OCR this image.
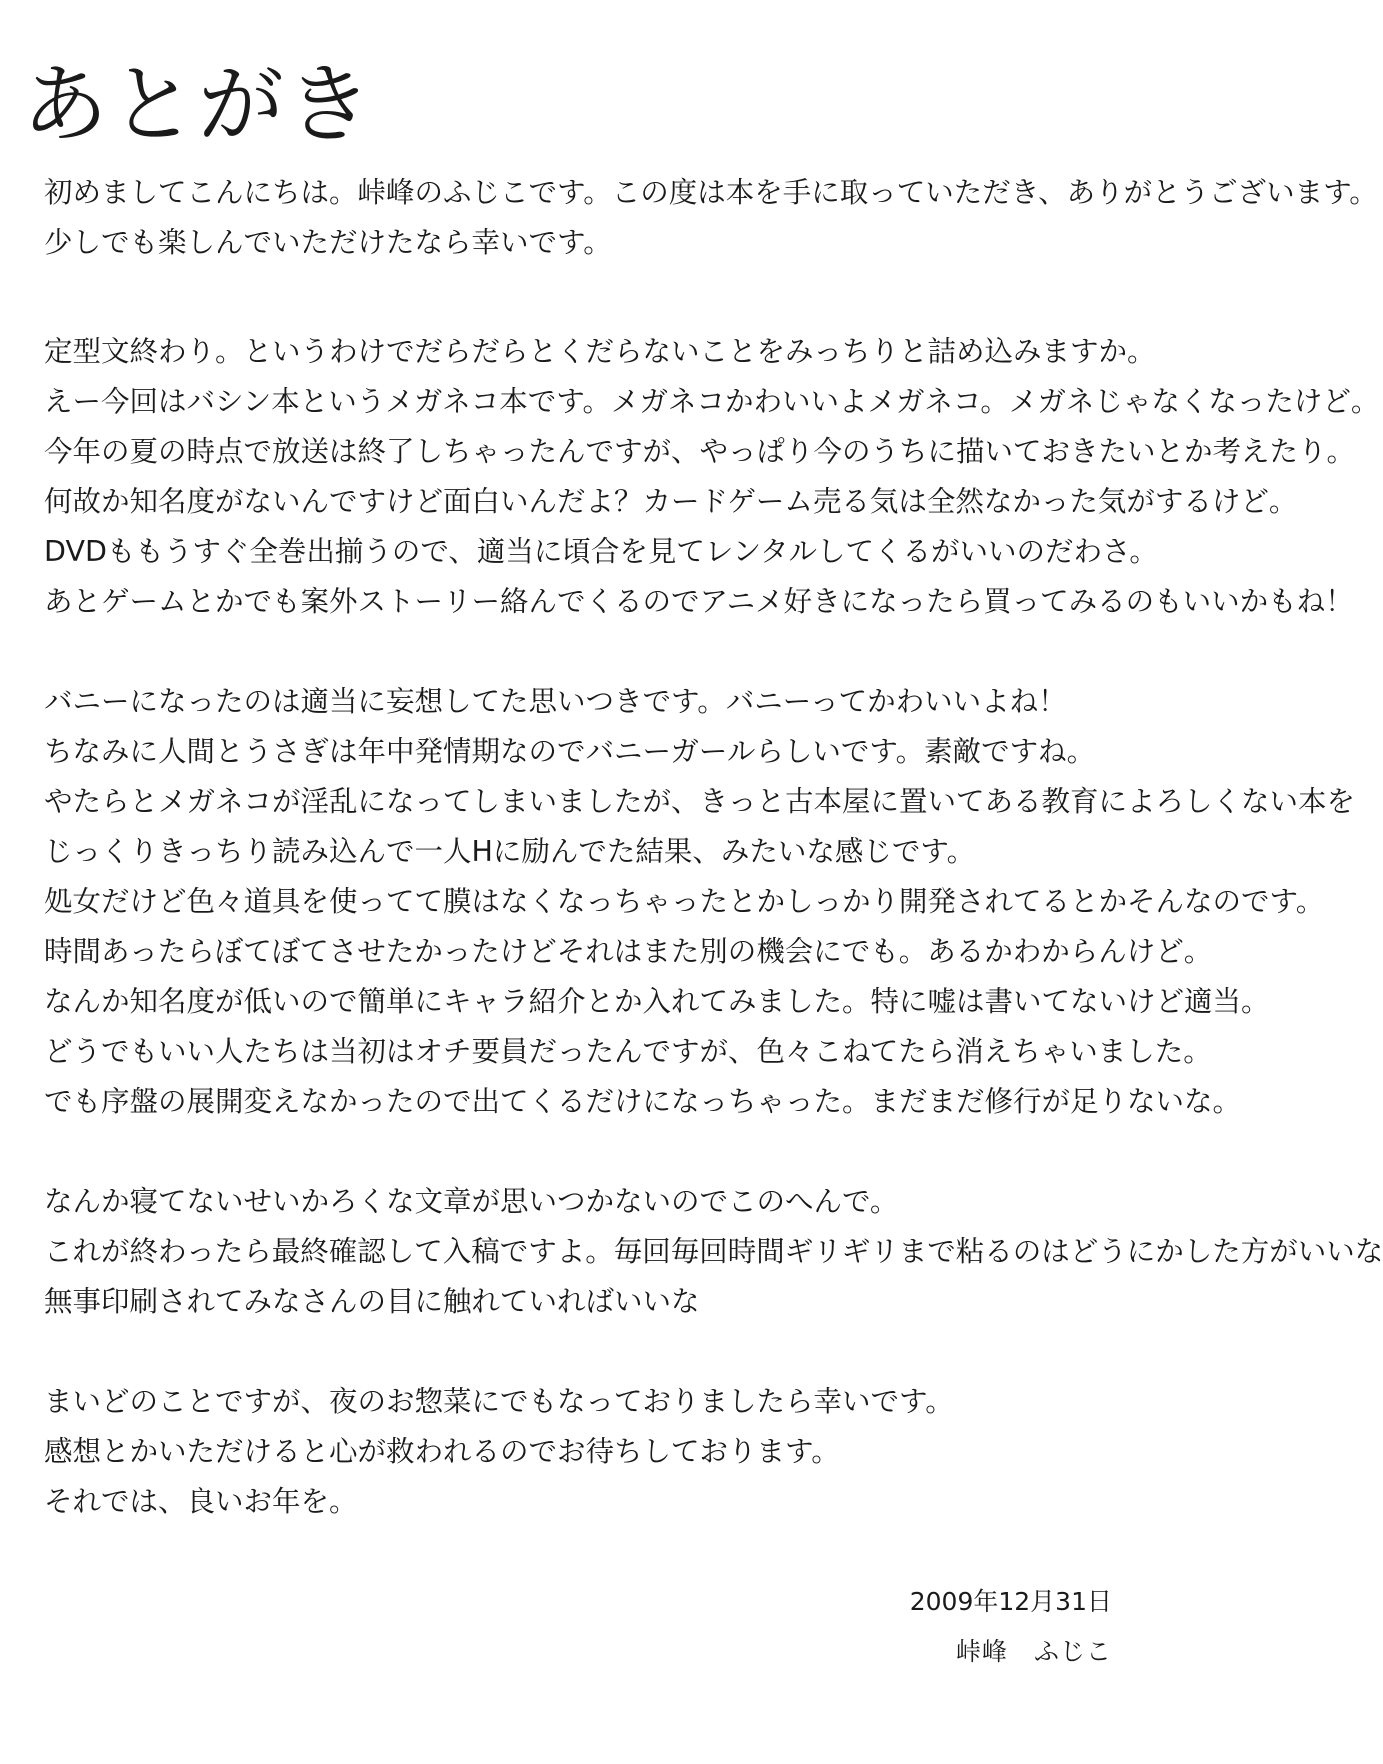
あとがき
初めましてこんにちは。峠峰のふじこです。この度は本を手に取っていただき、ありがとうございます。
少しでも楽しんでいただけたなら幸いです。
定型文終わり。というわけでだらだらとくだらないことをみっちりと詰め込みますか。
えー今回はバシン本というメガネコ本です。メガネコかわいいよメガネコ。メガネじゃなくなったけど。
今年の夏の時点で放送は終了しちゃったんですが、やっぱり今のうちに描いておきたいとか考えたり。
何故か知名度がないんですけど面白いんだよ？カードゲーム売る気は全然なかった気がするけど。
DVDももうすぐ全巻出揃うので、適当に頃合を見てレンタルしてくるがいいのだわさ。
あとゲームとかでも案外ストーリー絡んでくるのでアニメ好きになったら買ってみるのもいいかもね！
バニーになったのは適当に妄想してた思いつきです。バニーってかわいいよね！
ちなみに人間とうさぎは年中発情期なのでバニーガールらしいです。素敵ですね。
やたらとメガネコが淫乱になってしまいましたが、きっと古本屋に置いてある教育によろしくない本を
じっくりきっちり読み込んで一人Hに励んでた結果、みたいな感じです。
処女だけど色々道具を使ってて膜はなくなっちゃったとかしっかり開発されてるとかそんなのです。
時間あったらぼてぼてさせたかったけどそれはまた別の機会にでも。あるかわからんけど。
なんか知名度が低いので簡単にキャラ紹介とか入れてみました。特に嘘は書いてないけど適当。
どうでもいい人たちは当初はオチ要員だったんですが、色々こねてたら消えちゃいました。
でも序盤の展開変えなかったので出てくるだけになっちゃった。まだまだ修行が足りないな。
なんか寝てないせいかろくな文章が思いつかないのでこのへんで。
これが終わったら最終確認して入稿ですよ。毎回毎回時間ギリギリまで粘るのはどうにかした方がいいな
無事印刷されてみなさんの目に触れていればいいな
まいどのことですが、夜のお惣菜にでもなっておりましたら幸いです。
感想とかいただけると心が救われるのでお待ちしております。
それでは、良いお年を。
2009年12月31日
峠峰　ふじこ
